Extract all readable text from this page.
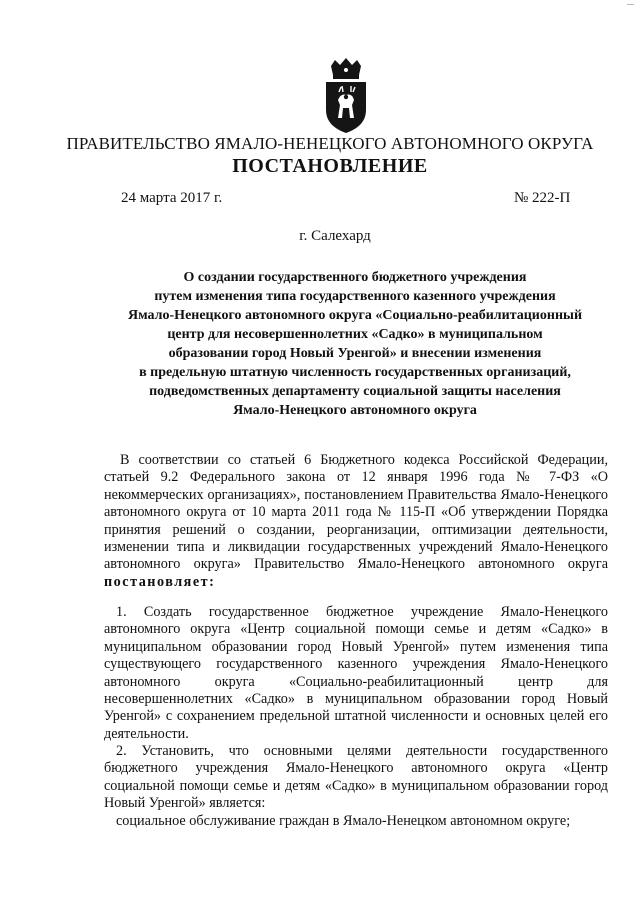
—
ПРАВИТЕЛЬСТВО ЯМАЛО-НЕНЕЦКОГО АВТОНОМНОГО ОКРУГА
ПОСТАНОВЛЕНИЕ
24 марта 2017 г.	№ 222-П
г. Салехард
О создании государственного бюджетного учреждения
путем изменения типа государственного казенного учреждения
Ямало-Ненецкого автономного округа «Социально-реабилитационный
центр для несовершеннолетних «Садко» в муниципальном
образовании город Новый Уренгой» и внесении изменения
в предельную штатную численность государственных организаций,
подведомственных департаменту социальной защиты населения
Ямало-Ненецкого автономного округа

В соответствии со статьей 6 Бюджетного кодекса Российской Федерации, статьей 9.2 Федерального закона от 12 января 1996 года № 7-ФЗ «О некоммерческих организациях», постановлением Правительства Ямало-Ненецкого автономного округа от 10 марта 2011 года № 115-П «Об утверждении Порядка принятия решений о создании, реорганизации, оптимизации деятельности, изменении типа и ликвидации государственных учреждений Ямало-Ненецкого автономного округа» Правительство Ямало-Ненецкого автономного округа постановляет:

1. Создать государственное бюджетное учреждение Ямало-Ненецкого автономного округа «Центр социальной помощи семье и детям «Садко» в муниципальном образовании город Новый Уренгой» путем изменения типа существующего государственного казенного учреждения Ямало-Ненецкого автономного округа «Социально-реабилитационный центр для несовершеннолетних «Садко» в муниципальном образовании город Новый Уренгой» с сохранением предельной штатной численности и основных целей его деятельности.

2. Установить, что основными целями деятельности государственного бюджетного учреждения Ямало-Ненецкого автономного округа «Центр социальной помощи семье и детям «Садко» в муниципальном образовании город Новый Уренгой» является:

социальное обслуживание граждан в Ямало-Ненецком автономном округе;
